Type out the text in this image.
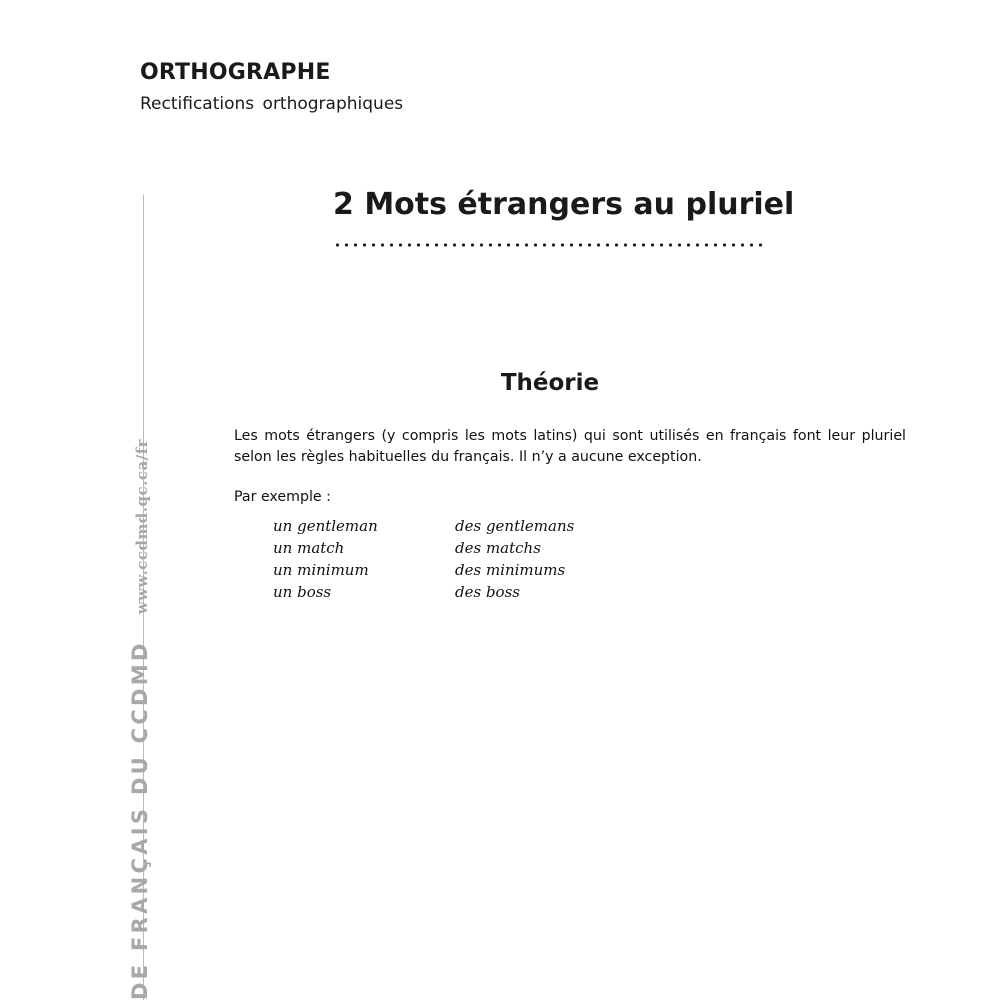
ORTHOGRAPHE

Rectifications orthographiques

DE FRANÇAIS DU CCDMDwww.ccdmd.qc.ca/fr

2 Mots étrangers au pluriel
Théorie

Les mots étrangers (y compris les mots latins) qui sont utilisés en français font leur pluriel selon les règles habituelles du français. Il n’y a aucune exception.

Par exemple :

un gentleman	des gentlemans
un match	des matchs
un minimum	des minimums
un boss	des boss
